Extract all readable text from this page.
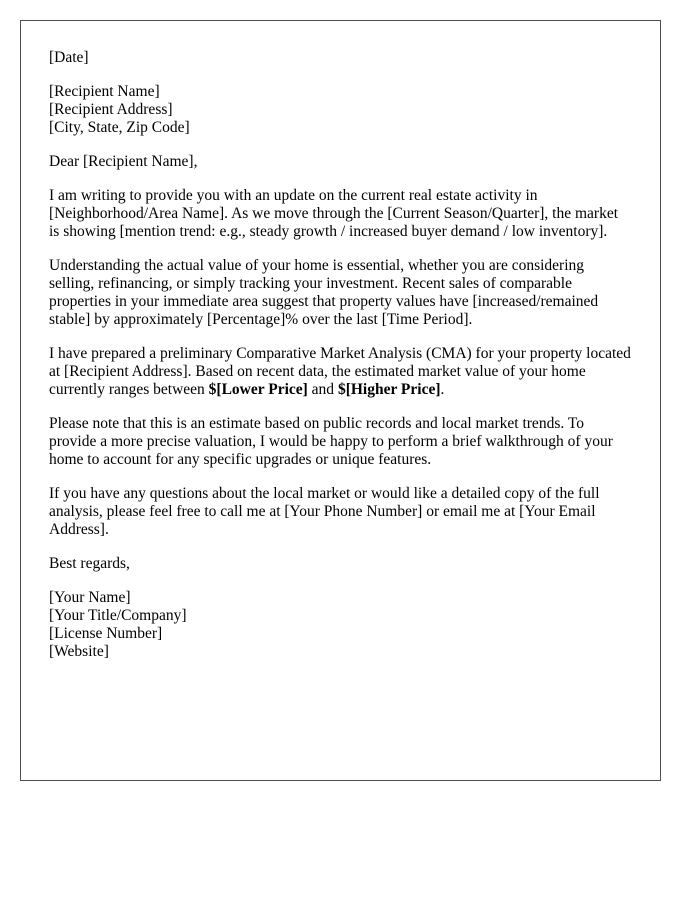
[Date]

[Recipient Name]
[Recipient Address]
[City, State, Zip Code]

Dear [Recipient Name],

I am writing to provide you with an update on the current real estate activity in [Neighborhood/Area Name]. As we move through the [Current Season/Quarter], the market is showing [mention trend: e.g., steady growth / increased buyer demand / low inventory].

Understanding the actual value of your home is essential, whether you are considering selling, refinancing, or simply tracking your investment. Recent sales of comparable properties in your immediate area suggest that property values have [increased/remained stable] by approximately [Percentage]% over the last [Time Period].

I have prepared a preliminary Comparative Market Analysis (CMA) for your property located at [Recipient Address]. Based on recent data, the estimated market value of your home currently ranges between $[Lower Price] and $[Higher Price].

Please note that this is an estimate based on public records and local market trends. To provide a more precise valuation, I would be happy to perform a brief walkthrough of your home to account for any specific upgrades or unique features.

If you have any questions about the local market or would like a detailed copy of the full analysis, please feel free to call me at [Your Phone Number] or email me at [Your Email Address].

Best regards,

[Your Name]
[Your Title/Company]
[License Number]
[Website]
